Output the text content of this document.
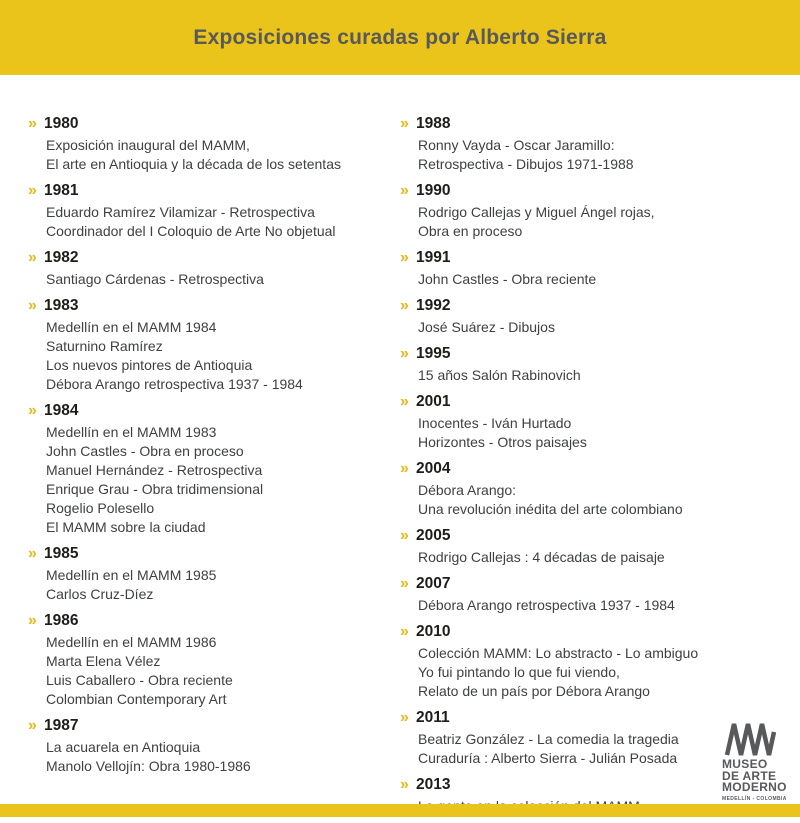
Exposiciones curadas por Alberto Sierra
» 1980
Exposición inaugural del MAMM,
El arte en Antioquia y la década de los setentas
» 1981
Eduardo Ramírez Vilamizar - Retrospectiva
Coordinador del I Coloquio de Arte No objetual
» 1982
Santiago Cárdenas - Retrospectiva
» 1983
Medellín en el MAMM 1984
Saturnino Ramírez
Los nuevos pintores de Antioquia
Débora Arango retrospectiva 1937 - 1984
» 1984
Medellín en el MAMM 1983
John Castles - Obra en proceso
Manuel Hernández - Retrospectiva
Enrique Grau - Obra tridimensional
Rogelio Polesello
El MAMM sobre la ciudad
» 1985
Medellín en el MAMM 1985
Carlos Cruz-Díez
» 1986
Medellín en el MAMM 1986
Marta Elena Vélez
Luis Caballero - Obra reciente
Colombian Contemporary Art
» 1987
La acuarela en Antioquia
Manolo Vellojín: Obra 1980-1986
» 1988
Ronny Vayda - Oscar Jaramillo:
Retrospectiva - Dibujos 1971-1988
» 1990
Rodrigo Callejas y Miguel Ángel rojas,
Obra en proceso
» 1991
John Castles - Obra reciente
» 1992
José Suárez - Dibujos
» 1995
15 años Salón Rabinovich
» 2001
Inocentes - Iván Hurtado
Horizontes - Otros paisajes
» 2004
Débora Arango:
Una revolución inédita del arte colombiano
» 2005
Rodrigo Callejas : 4 décadas de paisaje
» 2007
Débora Arango retrospectiva 1937 - 1984
» 2010
Colección MAMM: Lo abstracto - Lo ambiguo
Yo fui pintando lo que fui viendo,
Relato de un país por Débora Arango
» 2011
Beatriz González - La comedia la tragedia
Curaduría : Alberto Sierra - Julián Posada
» 2013
MUSEO
DE ARTE
MODERNO
MEDELLÍN - COLOMBIA
